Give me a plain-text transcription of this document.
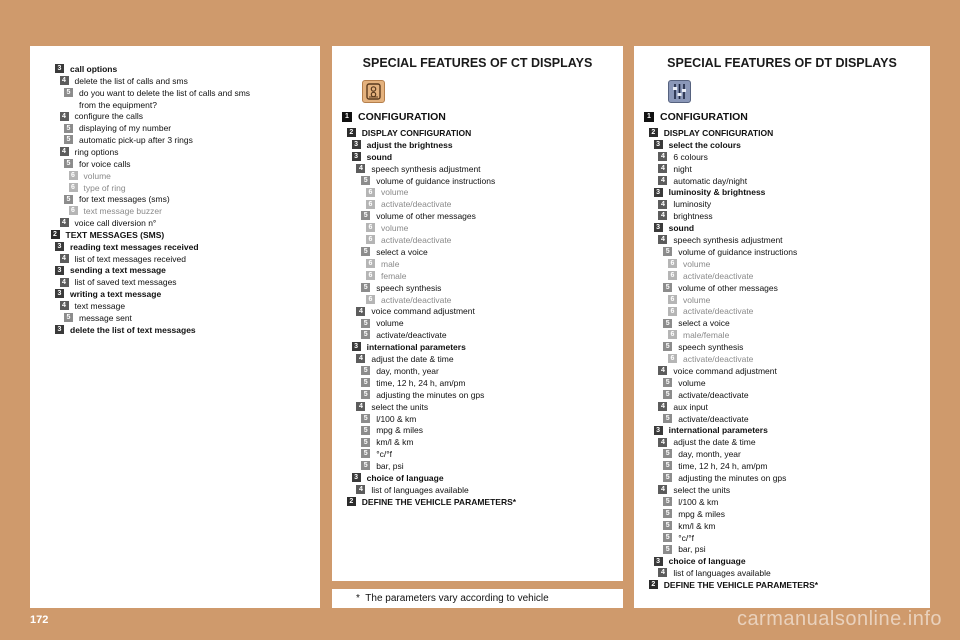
3 call options
4 delete the list of calls and sms
5 do you want to delete the list of calls and sms
from the equipment?
4 configure the calls
5 displaying of my number
5 automatic pick-up after 3 rings
4 ring options
5 for voice calls
6 volume
6 type of ring
5 for text messages (sms)
6 text message buzzer
4 voice call diversion n°
2 TEXT MESSAGES (SMS)
3 reading text messages received
4 list of text messages received
3 sending a text message
4 list of saved text messages
3 writing a text message
4 text message
5 message sent
3 delete the list of text messages
SPECIAL FEATURES OF CT DISPLAYS
1 CONFIGURATION
2 DISPLAY CONFIGURATION
3 adjust the brightness
3 sound
4 speech synthesis adjustment
5 volume of guidance instructions
6 volume
6 activate/deactivate
5 volume of other messages
6 volume
6 activate/deactivate
5 select a voice
6 male
6 female
5 speech synthesis
6 activate/deactivate
4 voice command adjustment
5 volume
5 activate/deactivate
3 international parameters
4 adjust the date & time
5 day, month, year
5 time, 12 h, 24 h, am/pm
5 adjusting the minutes on gps
4 select the units
5 l/100 & km
5 mpg & miles
5 km/l & km
5 °c/°f
5 bar, psi
3 choice of language
4 list of languages available
2 DEFINE THE VEHICLE PARAMETERS*
SPECIAL FEATURES OF DT DISPLAYS
1 CONFIGURATION
2 DISPLAY CONFIGURATION
3 select the colours
4 6 colours
4 night
4 automatic day/night
3 luminosity & brightness
4 luminosity
4 brightness
3 sound
4 speech synthesis adjustment
5 volume of guidance instructions
6 volume
6 activate/deactivate
5 volume of other messages
6 volume
6 activate/deactivate
5 select a voice
6 male/female
5 speech synthesis
6 activate/deactivate
4 voice command adjustment
5 volume
5 activate/deactivate
4 aux input
5 activate/deactivate
3 international parameters
4 adjust the date & time
5 day, month, year
5 time, 12 h, 24 h, am/pm
5 adjusting the minutes on gps
4 select the units
5 l/100 & km
5 mpg & miles
5 km/l & km
5 °c/°f
5 bar, psi
3 choice of language
4 list of languages available
2 DEFINE THE VEHICLE PARAMETERS*
* The parameters vary according to vehicle
172	carmanualsonline.info
